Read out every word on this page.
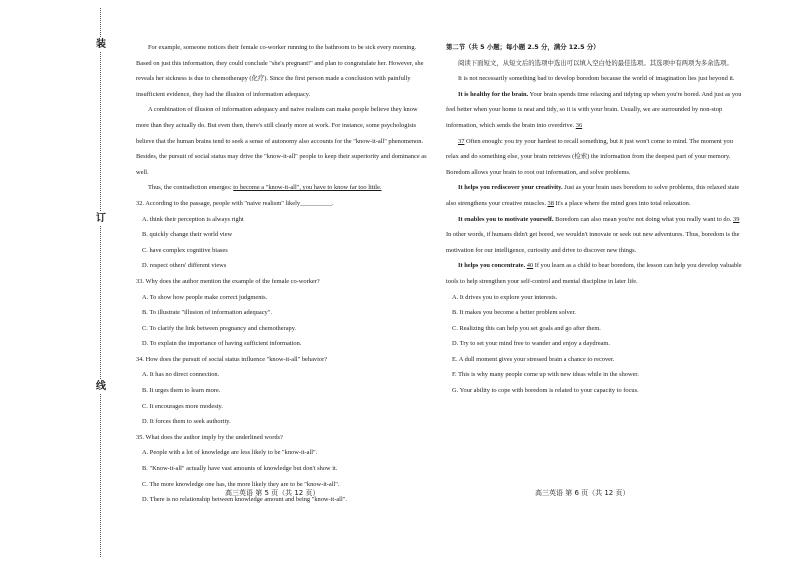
装
订
线

For example, someone notices their female co-worker running to the bathroom to be sick every morning. Based on just this information, they could conclude "she's pregnant!" and plan to congratulate her. However, she reveals her sickness is due to chemotherapy (化疗). Since the first person made a conclusion with painfully insufficient evidence, they had the illusion of information adequacy.

A combination of illusion of information adequacy and naive realism can make people believe they know more than they actually do. But even then, there's still clearly more at work. For instance, some psychologists believe that the human brains tend to seek a sense of autonomy also accounts for the "know-it-all" phenomenon. Besides, the pursuit of social status may drive the "know-it-all" people to keep their superiority and dominance as well.

Thus, the contradiction emerges: to become a "know-it-all", you have to know far too little.

32. According to the passage, people with "naive realism" likely__________.

A. think their perception is always right

B. quickly change their world view

C. have complex cognitive biases

D. respect others' different views

33. Why does the author mention the example of the female co-worker?

A. To show how people make correct judgments.

B. To illustrate "illusion of information adequacy".

C. To clarify the link between pregnancy and chemotherapy.

D. To explain the importance of having sufficient information.

34. How does the pursuit of social status influence "know-it-all" behavior?

A. It has no direct connection.

B. It urges them to learn more.

C. It encourages more modesty.

D. It forces them to seek authority.

35. What does the author imply by the underlined words?

A. People with a lot of knowledge are less likely to be "know-it-all".

B. "Know-it-all" actually have vast amounts of knowledge but don't show it.

C. The more knowledge one has, the more likely they are to be "know-it-all".

D. There is no relationship between knowledge amount and being "know-it-all".

高三英语 第 5 页（共 12 页）

第二节（共 5 小题；每小题 2.5 分，满分 12.5 分）

阅读下面短文，从短文后的选项中选出可以填入空白处的最佳选项。其选项中有两项为多余选项。

It is not necessarily something bad to develop boredom because the world of imagination lies just beyond it.

It is healthy for the brain. Your brain spends time relaxing and tidying up when you're bored. And just as you feel better when your home is neat and tidy, so it is with your brain. Usually, we are surrounded by non-stop information, which sends the brain into overdrive. 36

37 Often enough: you try your hardest to recall something, but it just won't come to mind. The moment you relax and do something else, your brain retrieves (检索) the information from the deepest part of your memory. Boredom allows your brain to root out information, and solve problems.

It helps you rediscover your creativity. Just as your brain uses boredom to solve problems, this relaxed state also strengthens your creative muscles. 38 It's a place where the mind goes into total relaxation.

It enables you to motivate yourself. Boredom can also mean you're not doing what you really want to do. 39 In other words, if humans didn't get bored, we wouldn't innovate or seek out new adventures. Thus, boredom is the motivation for our intelligence, curiosity and drive to discover new things.

It helps you concentrate. 40 If you learn as a child to bear boredom, the lesson can help you develop valuable tools to help strengthen your self-control and mental discipline in later life.

A. It drives you to explore your interests.

B. It makes you become a better problem solver.

C. Realizing this can help you set goals and go after them.

D. Try to set your mind free to wander and enjoy a daydream.

E. A dull moment gives your stressed brain a chance to recover.

F. This is why many people come up with new ideas while in the shower.

G. Your ability to cope with boredom is related to your capacity to focus.

高三英语 第 6 页（共 12 页）
